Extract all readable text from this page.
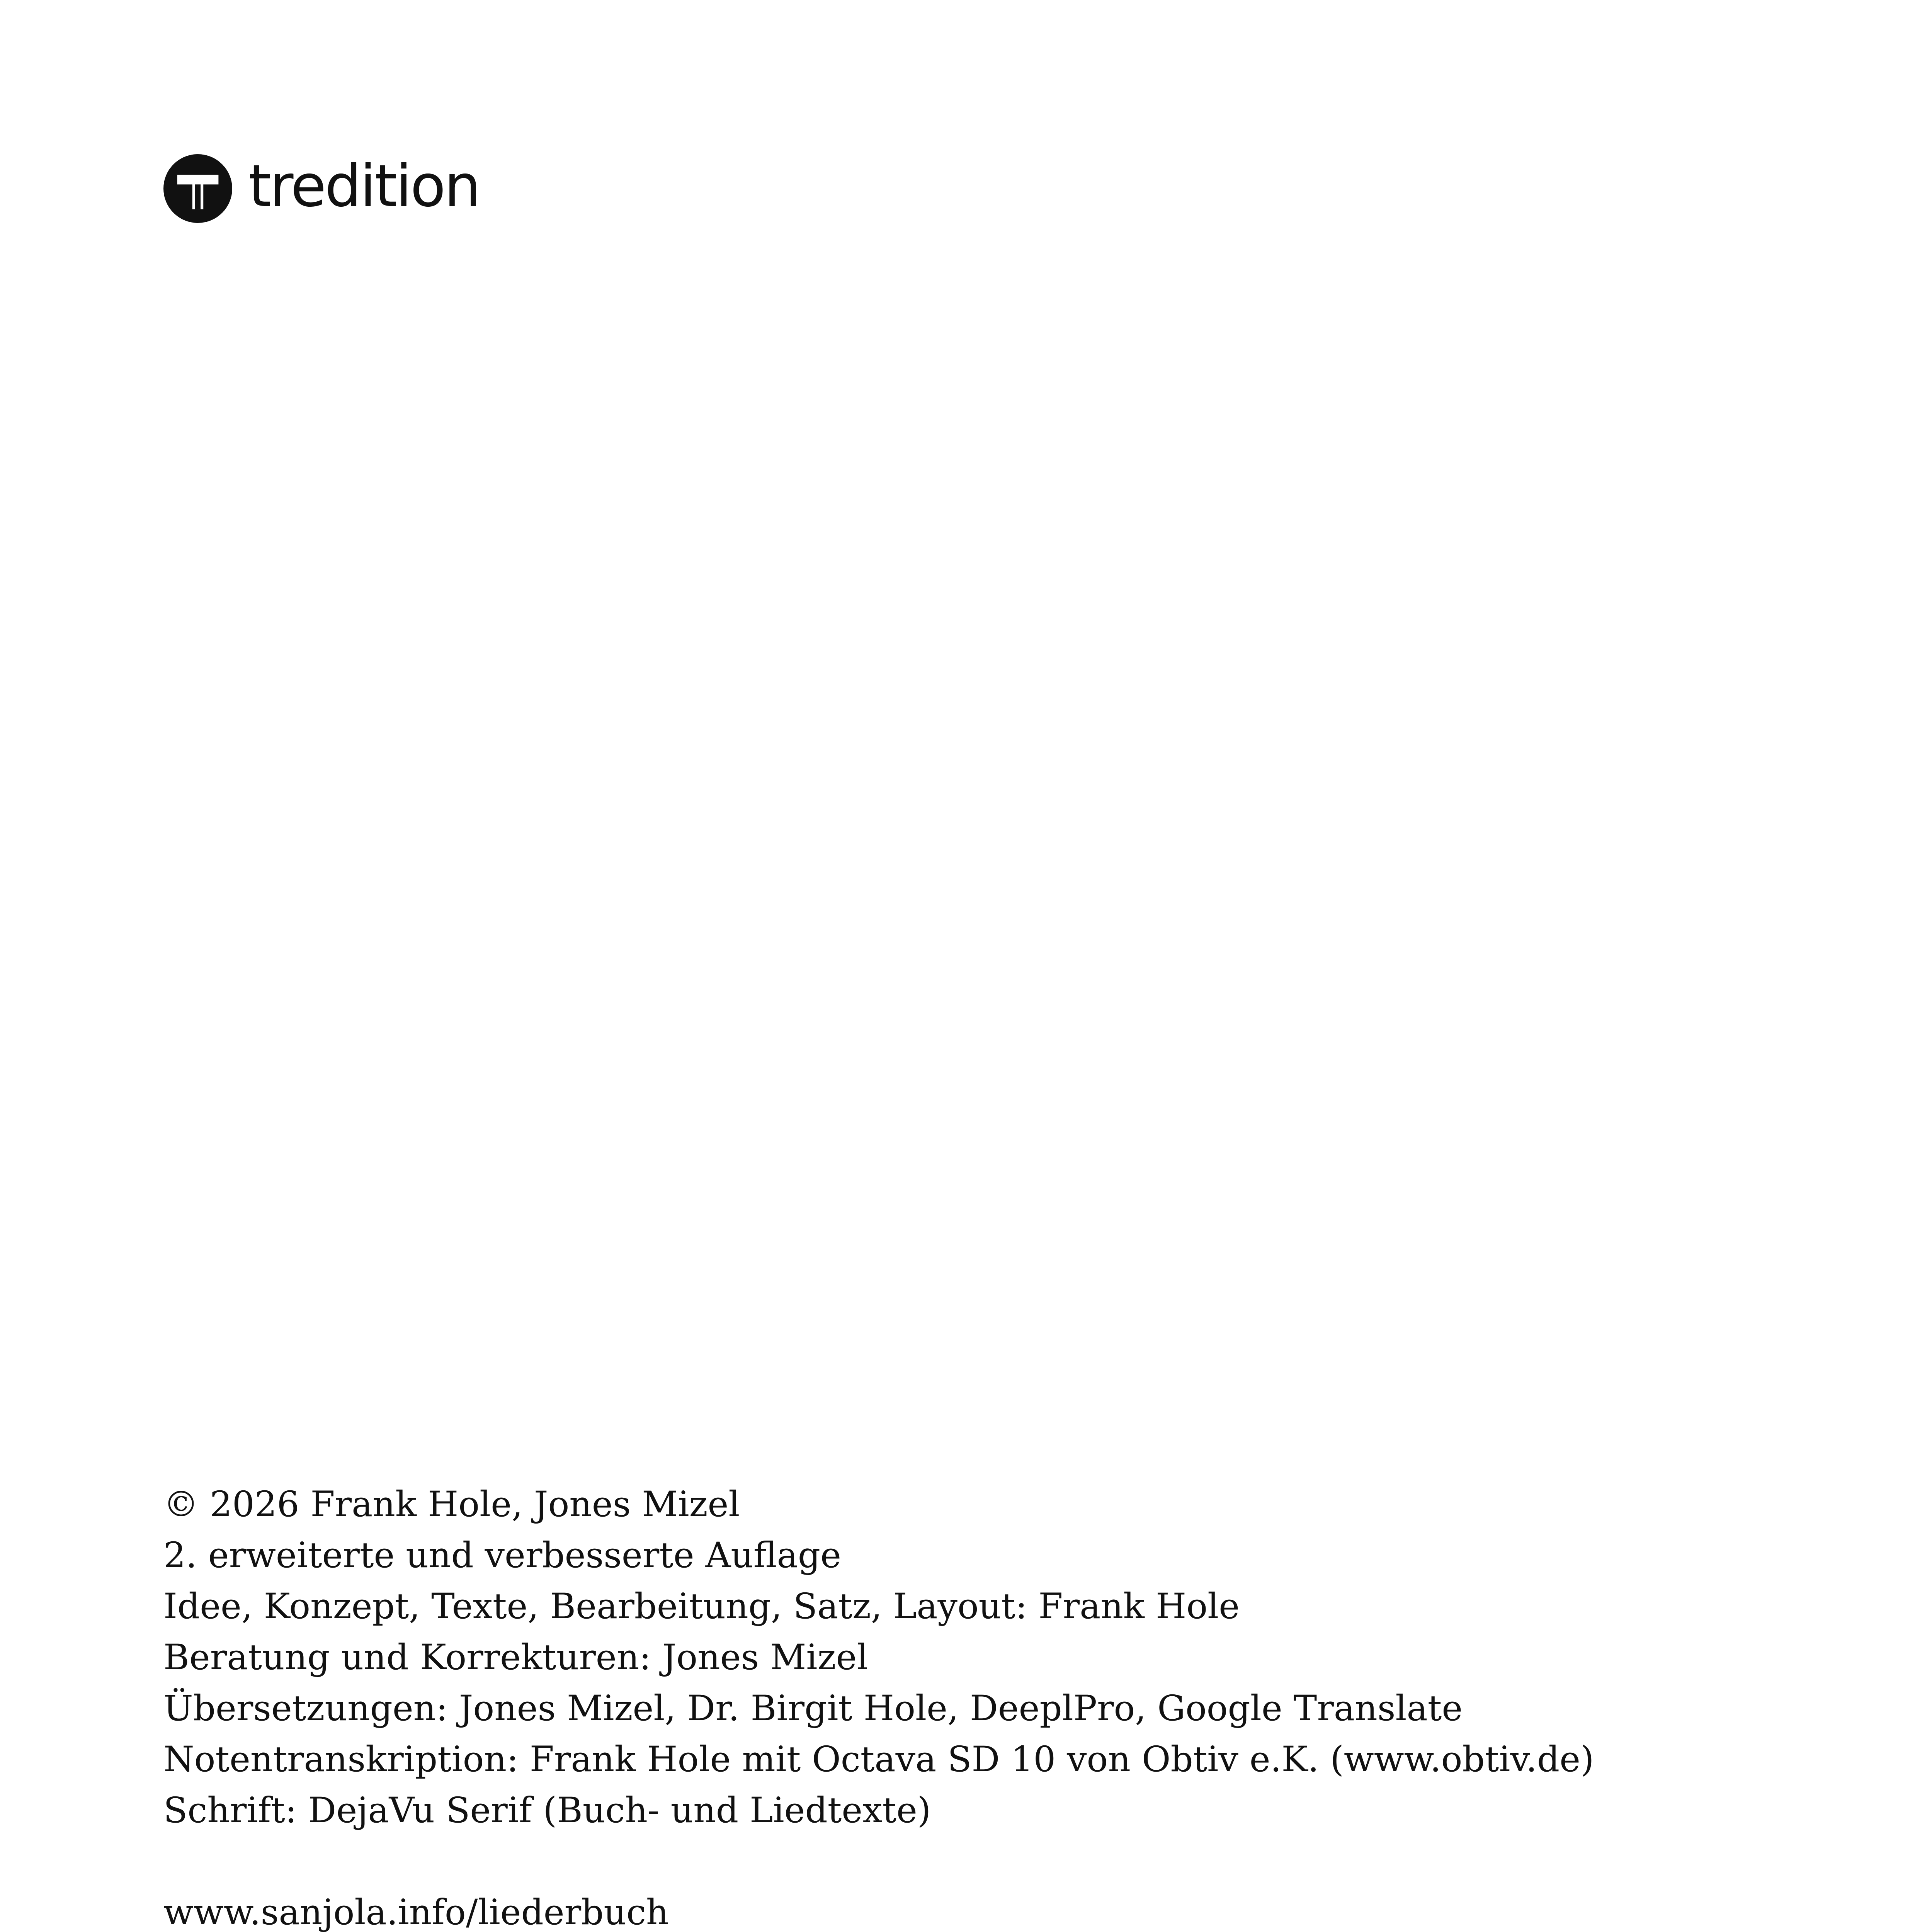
tredition
© 2026 Frank Hole, Jones Mizel
2. erweiterte und verbesserte Auflage
Idee, Konzept, Texte, Bearbeitung, Satz, Layout: Frank Hole
Beratung und Korrekturen: Jones Mizel
Übersetzungen: Jones Mizel, Dr. Birgit Hole, DeeplPro, Google Translate
Notentranskription: Frank Hole mit Octava SD 10 von Obtiv e.K. (www.obtiv.de)
Schrift: DejaVu Serif (Buch- und Liedtexte)
www.sanjola.info/liederbuch
